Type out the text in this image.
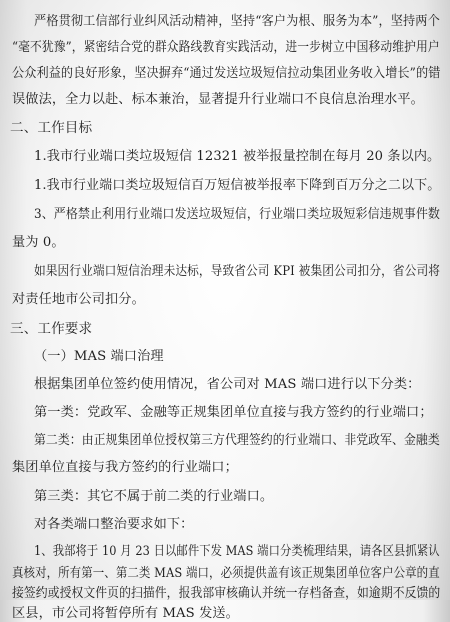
严格贯彻工信部行业纠风活动精神，坚持“客户为根、服务为本”，坚持两个
“毫不犹豫”，紧密结合党的群众路线教育实践活动，进一步树立中国移动维护用户
公众利益的良好形象，坚决摒弃“通过发送垃圾短信拉动集团业务收入增长”的错
误做法，全力以赴、标本兼治，显著提升行业端口不良信息治理水平。
二、工作目标
1.我市行业端口类垃圾短信 12321 被举报量控制在每月 20 条以内。
1.我市行业端口类垃圾短信百万短信被举报率下降到百万分之二以下。
3、严格禁止利用行业端口发送垃圾短信，行业端口类垃圾短彩信违规事件数
量为 0。
如果因行业端口短信治理未达标，导致省公司 KPI 被集团公司扣分，省公司将
对责任地市公司扣分。
三、工作要求
（一）MAS 端口治理
根据集团单位签约使用情况，省公司对 MAS 端口进行以下分类：
第一类：党政军、金融等正规集团单位直接与我方签约的行业端口；
第二类：由正规集团单位授权第三方代理签约的行业端口、非党政军、金融类
集团单位直接与我方签约的行业端口；
第三类：其它不属于前二类的行业端口。
对各类端口整治要求如下：
1、我部将于 10 月 23 日以邮件下发 MAS 端口分类梳理结果，请各区县抓紧认
真核对，所有第一、第二类 MAS 端口，必须提供盖有该正规集团单位客户公章的直
接签约或授权文件页的扫描件，报我部审核确认并统一存档备查，如逾期不反馈的
区县，市公司将暂停所有 MAS 发送。
